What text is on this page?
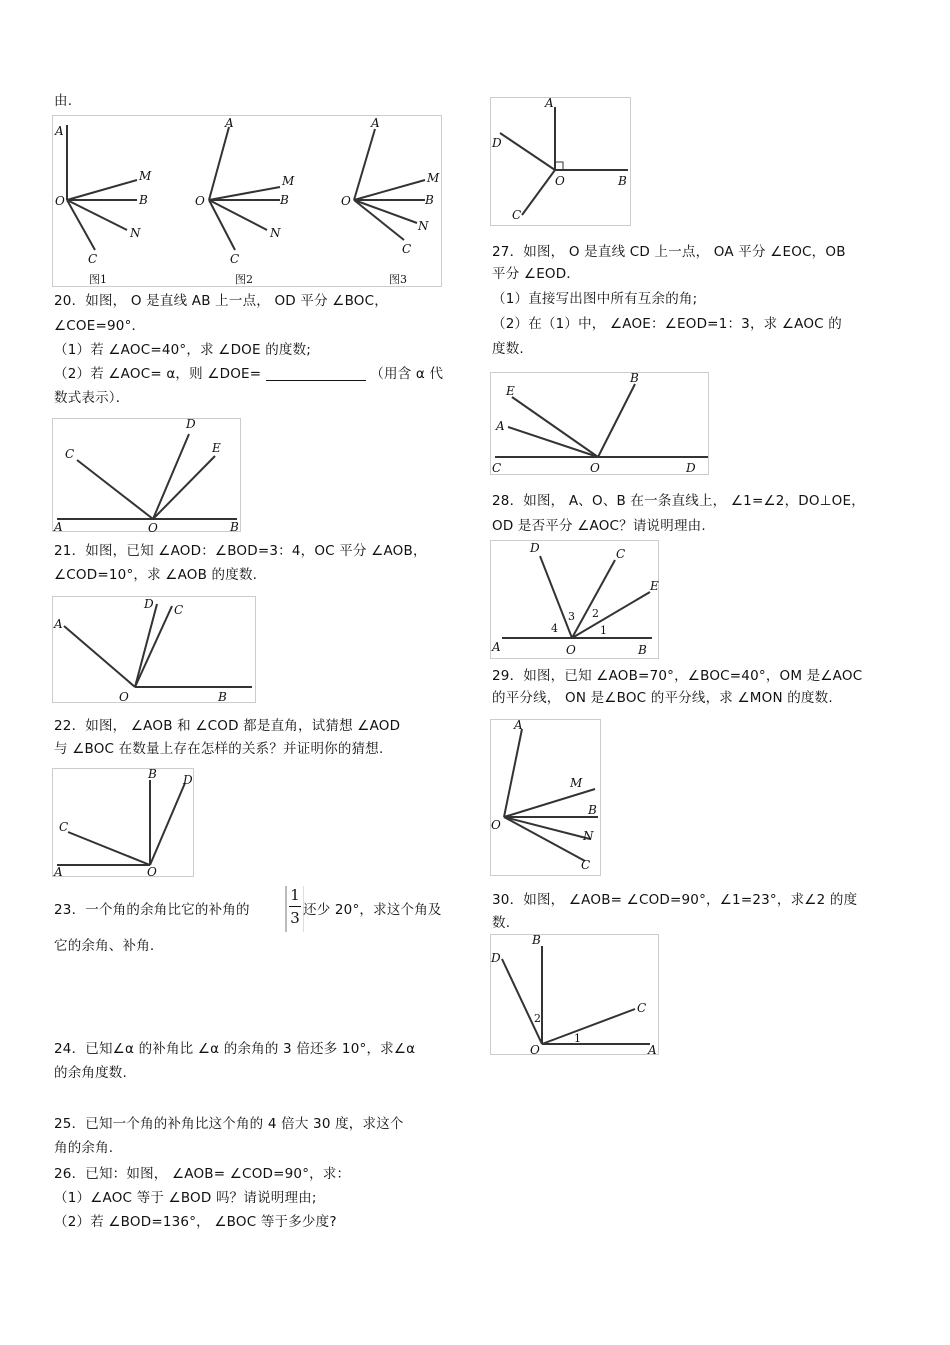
由.
A
O
M
B
N
C
图1
A
O
M
B
N
C
图2
A
O
M
B
N
C
图3
20．如图， O 是直线 AB 上一点， OD 平分 ∠BOC，
∠COE=90°．
（1）若 ∠AOC=40°，求 ∠DOE 的度数;
（2）若 ∠AOC= α，则 ∠DOE=	（用含 α 代
数式表示）．
A	O	B
C
D
E
21．如图，已知 ∠AOD：∠BOD=3：4，OC 平分 ∠AOB，
∠COD=10°，求 ∠AOB 的度数.
A
O	B
D C
22．如图， ∠AOB 和 ∠COD 都是直角，试猜想 ∠AOD
与 ∠BOC 在数量上存在怎样的关系？并证明你的猜想.
A	O
B
C
D
23．一个角的余角比它的补角的
1
3 还少 20°，求这个角及
它的余角、补角.
24．已知∠α 的补角比 ∠α 的余角的 3 倍还多 10°，求∠α
的余角度数.
25．已知一个角的补角比这个角的 4 倍大 30 度，求这个
角的余角.
26．已知：如图， ∠AOB= ∠COD=90°，求：
（1）∠AOC 等于 ∠BOD 吗？请说明理由;
（2）若 ∠BOD=136°， ∠BOC 等于多少度?
A
D
O	B
C
27．如图， O 是直线 CD 上一点， OA 平分 ∠EOC，OB
平分 ∠EOD．
（1）直接写出图中所有互余的角;
（2）在（1）中， ∠AOE：∠EOD=1：3，求 ∠AOC 的
度数.
E
A
B
C	O	D
28．如图， A、O、B 在一条直线上， ∠1=∠2，DO⊥OE，
OD 是否平分 ∠AOC？请说明理由.
D	C
E
A	O	B
4
3 2
1
29．如图，已知 ∠AOB=70°，∠BOC=40°，OM 是∠AOC
的平分线， ON 是∠BOC 的平分线，求 ∠MON 的度数.
A
O
M
B
N
C
30．如图， ∠AOB= ∠COD=90°，∠1=23°，求∠2 的度
数.
B
D
C
O	A
2
1
